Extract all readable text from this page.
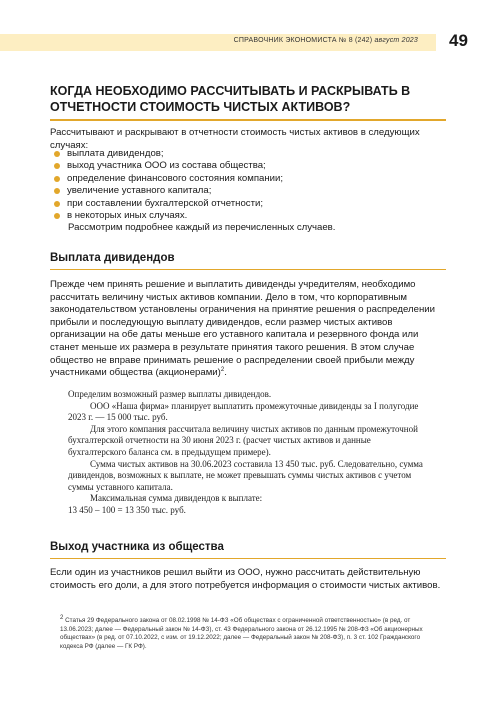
СПРАВОЧНИК ЭКОНОМИСТА № 8 (242) август 2023 49
КОГДА НЕОБХОДИМО РАССЧИТЫВАТЬ И РАСКРЫВАТЬ В ОТЧЕТНОСТИ СТОИМОСТЬ ЧИСТЫХ АКТИВОВ?

Рассчитывают и раскрывают в отчетности стоимость чистых активов в следующих случаях:

выплата дивидендов;
выход участника ООО из состава общества;
определение финансового состояния компании;
увеличение уставного капитала;
при составлении бухгалтерской отчетности;
в некоторых иных случаях.

Рассмотрим подробнее каждый из перечисленных случаев.

Выплата дивидендов

Прежде чем принять решение и выплатить дивиденды учредителям, необходимо рассчитать величину чистых активов компании. Дело в том, что корпоративным законодательством установлены ограничения на принятие решения о распределении прибыли и последующую выплату дивидендов, если размер чистых активов организации на обе даты меньше его уставного капитала и резервного фонда или станет меньше их размера в результате принятия такого решения. В этом случае общество не вправе принимать решение о распределении своей прибыли между участниками общества (акционерами)$^2$.

Определим возможный размер выплаты дивидендов.

ООО «Наша фирма» планирует выплатить промежуточные дивиденды за I полугодие 2023 г. — 15 000 тыс. руб.

Для этого компания рассчитала величину чистых активов по данным промежуточной бухгалтерской отчетности на 30 июня 2023 г. (расчет чистых активов и данные бухгалтерского баланса см. в предыдущем примере).

Сумма чистых активов на 30.06.2023 составила 13 450 тыс. руб. Следовательно, сумма дивидендов, возможных к выплате, не может превышать суммы чистых активов с учетом суммы уставного капитала.

Максимальная сумма дивидендов к выплате:

13 450 – 100 = 13 350 тыс. руб.

Выход участника из общества

Если один из участников решил выйти из ООО, нужно рассчитать действительную стоимость его доли, а для этого потребуется информация о стоимости чистых активов.

$^2$ Статья 29 Федерального закона от 08.02.1998 № 14-ФЗ «Об обществах с ограниченной ответственностью» (в ред. от 13.06.2023; далее — Федеральный закон № 14-ФЗ), ст. 43 Федерального закона от 26.12.1995 № 208-ФЗ «Об акционерных обществах» (в ред. от 07.10.2022, с изм. от 19.12.2022; далее — Федеральный закон № 208-ФЗ), п. 3 ст. 102 Гражданского кодекса РФ (далее — ГК РФ).
